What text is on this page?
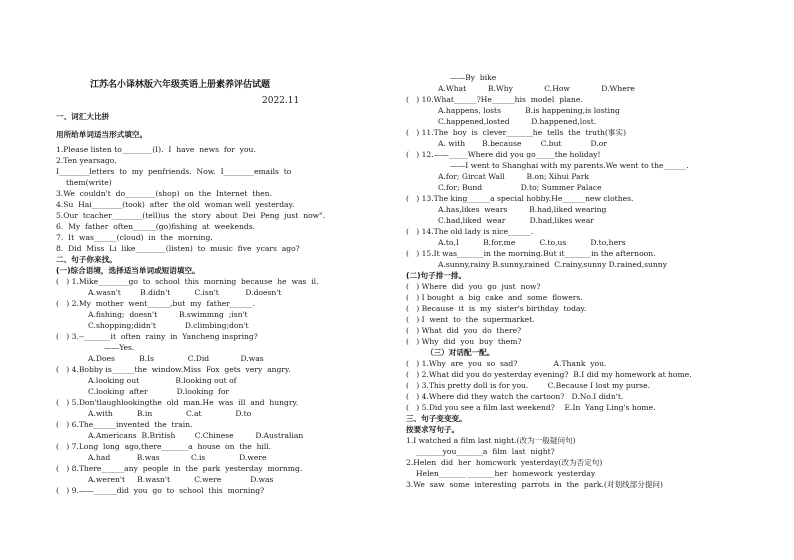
江苏名小译林版六年级英语上册素养评估试题
2022.11
一、词汇大比拼
用所给单词适当形式填空。
1.Please listen to________(I).  I  have  news  for  you.
2.Ten yearsago,
I________letters  to  my  penfriends.  Now.  I________emails  to
them(write)
3.We  couldn't  do________(shop)  on  the  Internet  then.
4.Su  Hai________(took)  after  the old  woman well  yesterday.
5.Our  tcacher________(tell)us  the  story  about  Dei  Peng  just  now".
6.  My  father  often______(go)fishing  at  weekends.
7.  It  was______(cloud)  in  the  morning.
8.  Did  Miss  Li  like________(listen)  to  music  five  ycars  ago?
二、句子你来找。
(一)综合语境，选择适当单词或短语填空。
(   ) 1.Mike________go  to  school  this  morning  because  he  was  il.
A.wasn't        B.didn't          C.isn't           D.doesn't
(   ) 2.My  mother  went______,but  my  father______.
A.fishing;  doesn't         B.swimmng  ;isn't
C.shopping;didn't            D.climbing;don't
(   ) 3.--_______it  often  rainy  in  Yancheng inspring?
——Yes.
A.Does          B.Is              C.Did             D.was
(   ) 4.Bobby is______the  window.Miss  Fox  gets  very  angry.
A.looking out               B.looking out of
C.looking  after            D.looking  for
(   ) 5.Don'tlaughlookingthe  old  man.He  was  ill  and  hungry.
A.with          B.in              C.at              D.to
(   ) 6.The______invented  the  train.
A.Americans  B.British        C.Chinese         D.Australian
(   ) 7.Long  long  ago,there_______a  house  on  the  hill.
A.had           B.was             C.is              D.were
(   ) 8.There______any  people  in  the  park  yesterday  mornmg.
A.weren't     B.wasn't          C.were            D.was
(   ) 9.——______did  you  go  to  school  this  morning?
——By  bike
A.What         B.Why             C.How             D.Where
(   ) 10.What______?He______his  model  plane.
A.happens, losts          B.is happening,is losting
C.happened,losted         D.happened,lost.
(   ) 11.The  boy  is  clever_______he  tells  the  truth(事实)
A. with       B.because        C.but            D.or
(   ) 12.——_____Where did you go_____the holiday!
——I went to Shanghai with my parents.We went to the______.
A.for; Gircat Wall         B.on; Xihui Park
C.for; Bund                D.to; Summer Palace
(   ) 13.The king______a special hobby.He______new clothes.
A.has,likes  wears         B.had,liked wearing
C.had,liked  wear          D.had,likes wear
(   ) 14.The old lady is nice______.
A.to,I          B.for,me          C.to,us          D.to,hers
(   ) 15.It was_______in the morning.But it_______in the afternoon.
A.sunny,rainy B.sunny,rained  C.rainy,sunny D.rained,sunny
(二)句子排一排。
(   ) Where  did  you  go  just  now?
(   ) I bought  a  big  cake  and  some  flowers.
(   ) Because  it  is  my  sister's birthday  today.
(   ) I  went  to  the  supermarket.
(   ) What  did  you  do  there?
(   ) Why  did  you  buy  them?
（三）对话配一配。
(   ) 1.Why  are  you  so  sad?               A.Thank  you.
(   ) 2.What did you do yesterday evening?  B.I did my homework at home.
(   ) 3.This pretty doll is for you.        C.Because I lost my purse.
(   ) 4.Where did they watch the cartoon?   D.No.I didn't.
(   ) 5.Did you see a film last weekend?    E.In  Yang Ling's home.
三、句子变变变。
按要求写句子。
1.I watched a film last night.(改为一般疑问句)
_______you_______a  film  last  night?
2.Helen  did  her  homcwork  yesterday(改为否定句)
Helen_______ _______her  homework  yesterday
3.We  saw  some  interesting  parrots  in  the  park.(对划线部分提问)
